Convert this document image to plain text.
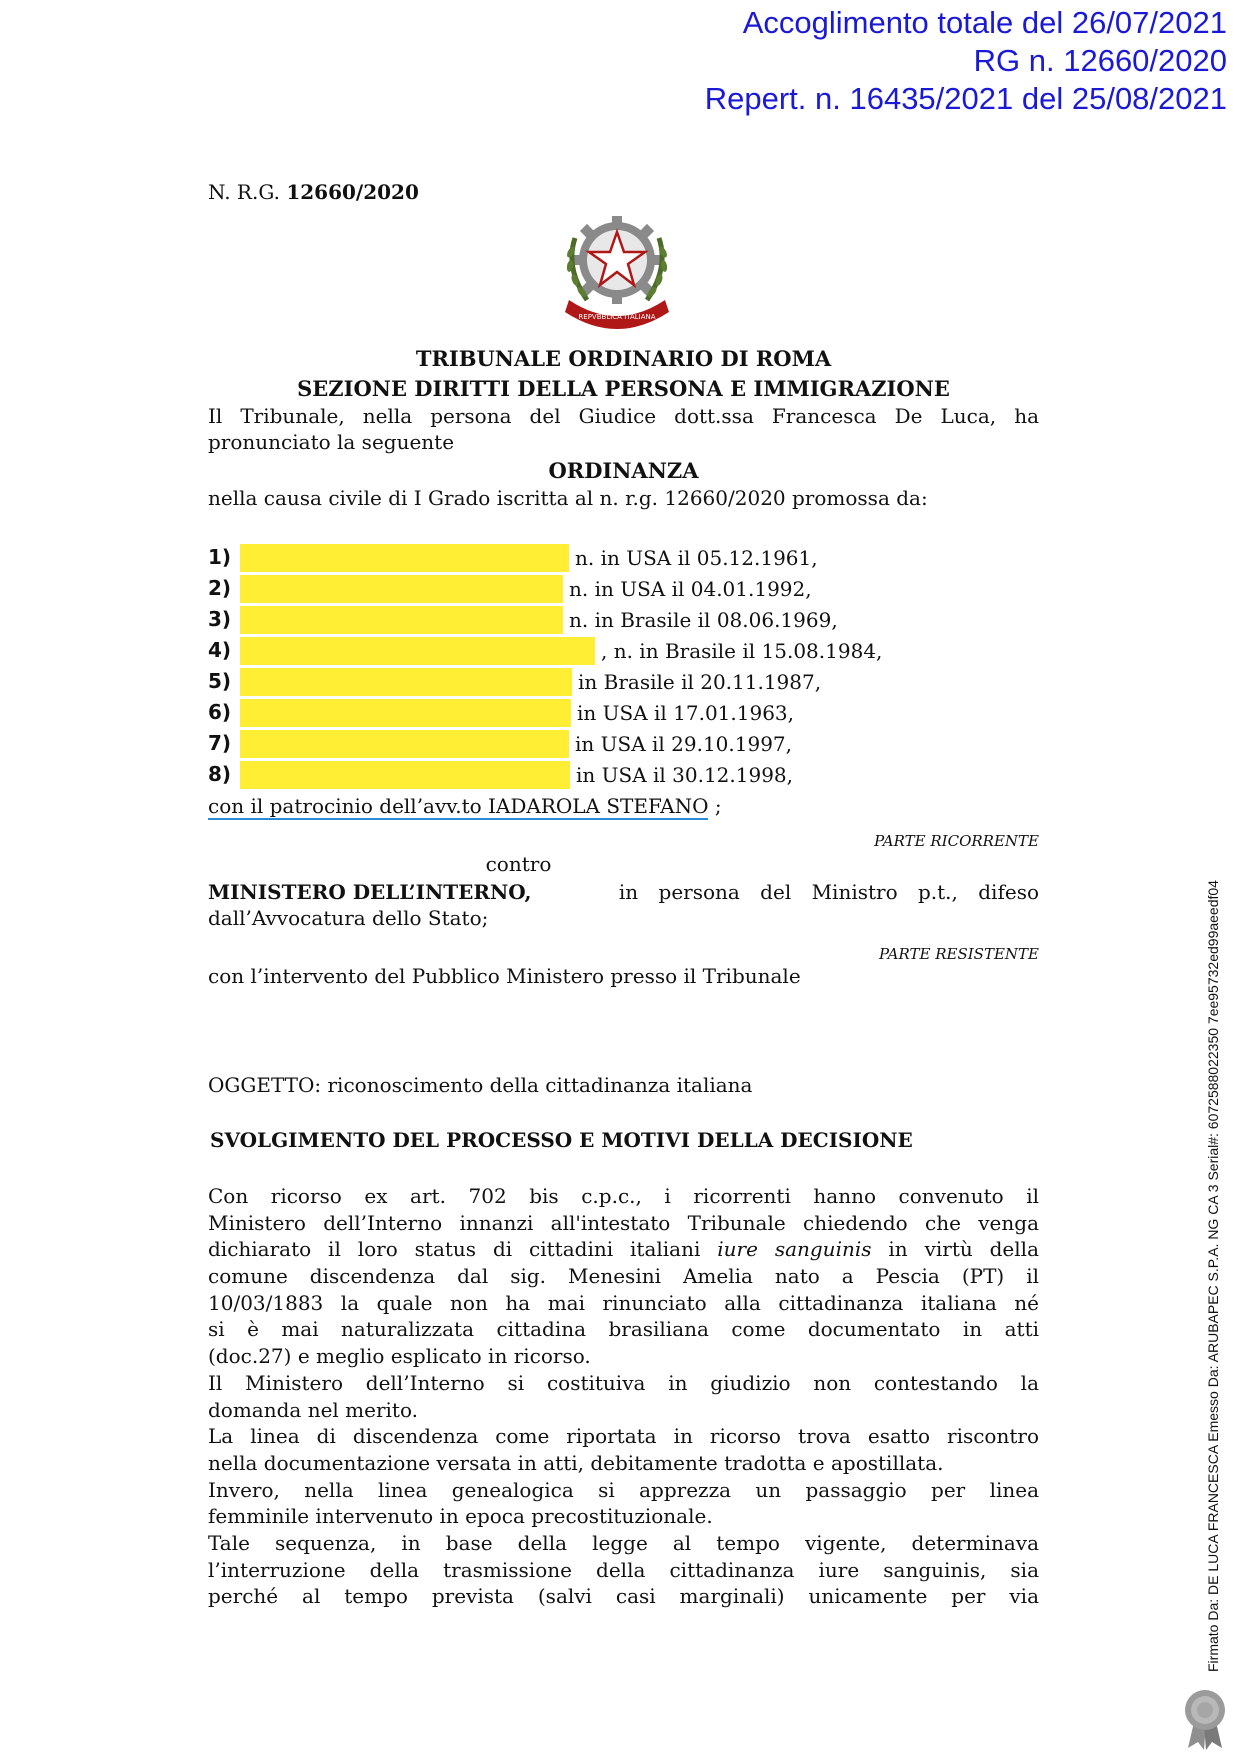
Accoglimento totale del 26/07/2021
RG n. 12660/2020
Repert. n. 16435/2021 del 25/08/2021
N. R.G. 12660/2020
REPVBBLICA ITALIANA
TRIBUNALE ORDINARIO DI ROMA
SEZIONE DIRITTI DELLA PERSONA E IMMIGRAZIONE
Il Tribunale, nella persona del Giudice dott.ssa Francesca De Luca, ha
pronunciato la seguente
ORDINANZA
nella causa civile di I Grado iscritta al n. r.g. 12660/2020 promossa da:
1)	n. in USA il 05.12.1961,
2)	n. in USA il 04.01.1992,
3)	n. in Brasile il 08.06.1969,
4)	, n. in Brasile il 15.08.1984,
5)	in Brasile il 20.11.1987,
6)	in USA il 17.01.1963,
7)	in USA il 29.10.1997,
8)	in USA il 30.12.1998,
con il patrocinio dell’avv.to IADAROLA STEFANO ;
PARTE RICORRENTE
contro
MINISTERO DELL’INTERNO,	in persona del Ministro p.t., difeso
dall’Avvocatura dello Stato;
PARTE RESISTENTE
con l’intervento del Pubblico Ministero presso il Tribunale
OGGETTO: riconoscimento della cittadinanza italiana
SVOLGIMENTO DEL PROCESSO E MOTIVI DELLA DECISIONE
Con ricorso ex art. 702 bis c.p.c., i ricorrenti hanno convenuto il
Ministero dell’Interno innanzi all'intestato Tribunale chiedendo che venga
dichiarato il loro status di cittadini italiani iure sanguinis in virtù della
comune discendenza dal sig. Menesini Amelia nato a Pescia (PT) il
10/03/1883 la quale non ha mai rinunciato alla cittadinanza italiana né
si è mai naturalizzata cittadina brasiliana come documentato in atti
(doc.27) e meglio esplicato in ricorso.
Il Ministero dell’Interno si costituiva in giudizio non contestando la
domanda nel merito.
La linea di discendenza come riportata in ricorso trova esatto riscontro
nella documentazione versata in atti, debitamente tradotta e apostillata.
Invero, nella linea genealogica si apprezza un passaggio per linea
femminile intervenuto in epoca precostituzionale.
Tale sequenza, in base della legge al tempo vigente, determinava
l’interruzione della trasmissione della cittadinanza iure sanguinis, sia
perché al tempo prevista (salvi casi marginali) unicamente per via	Firmato Da: DE LUCA FRANCESCA Emesso Da: ARUBAPEC S.P.A. NG CA 3 Serial#: 6072588022350 7ee95732ed99aeedf04
